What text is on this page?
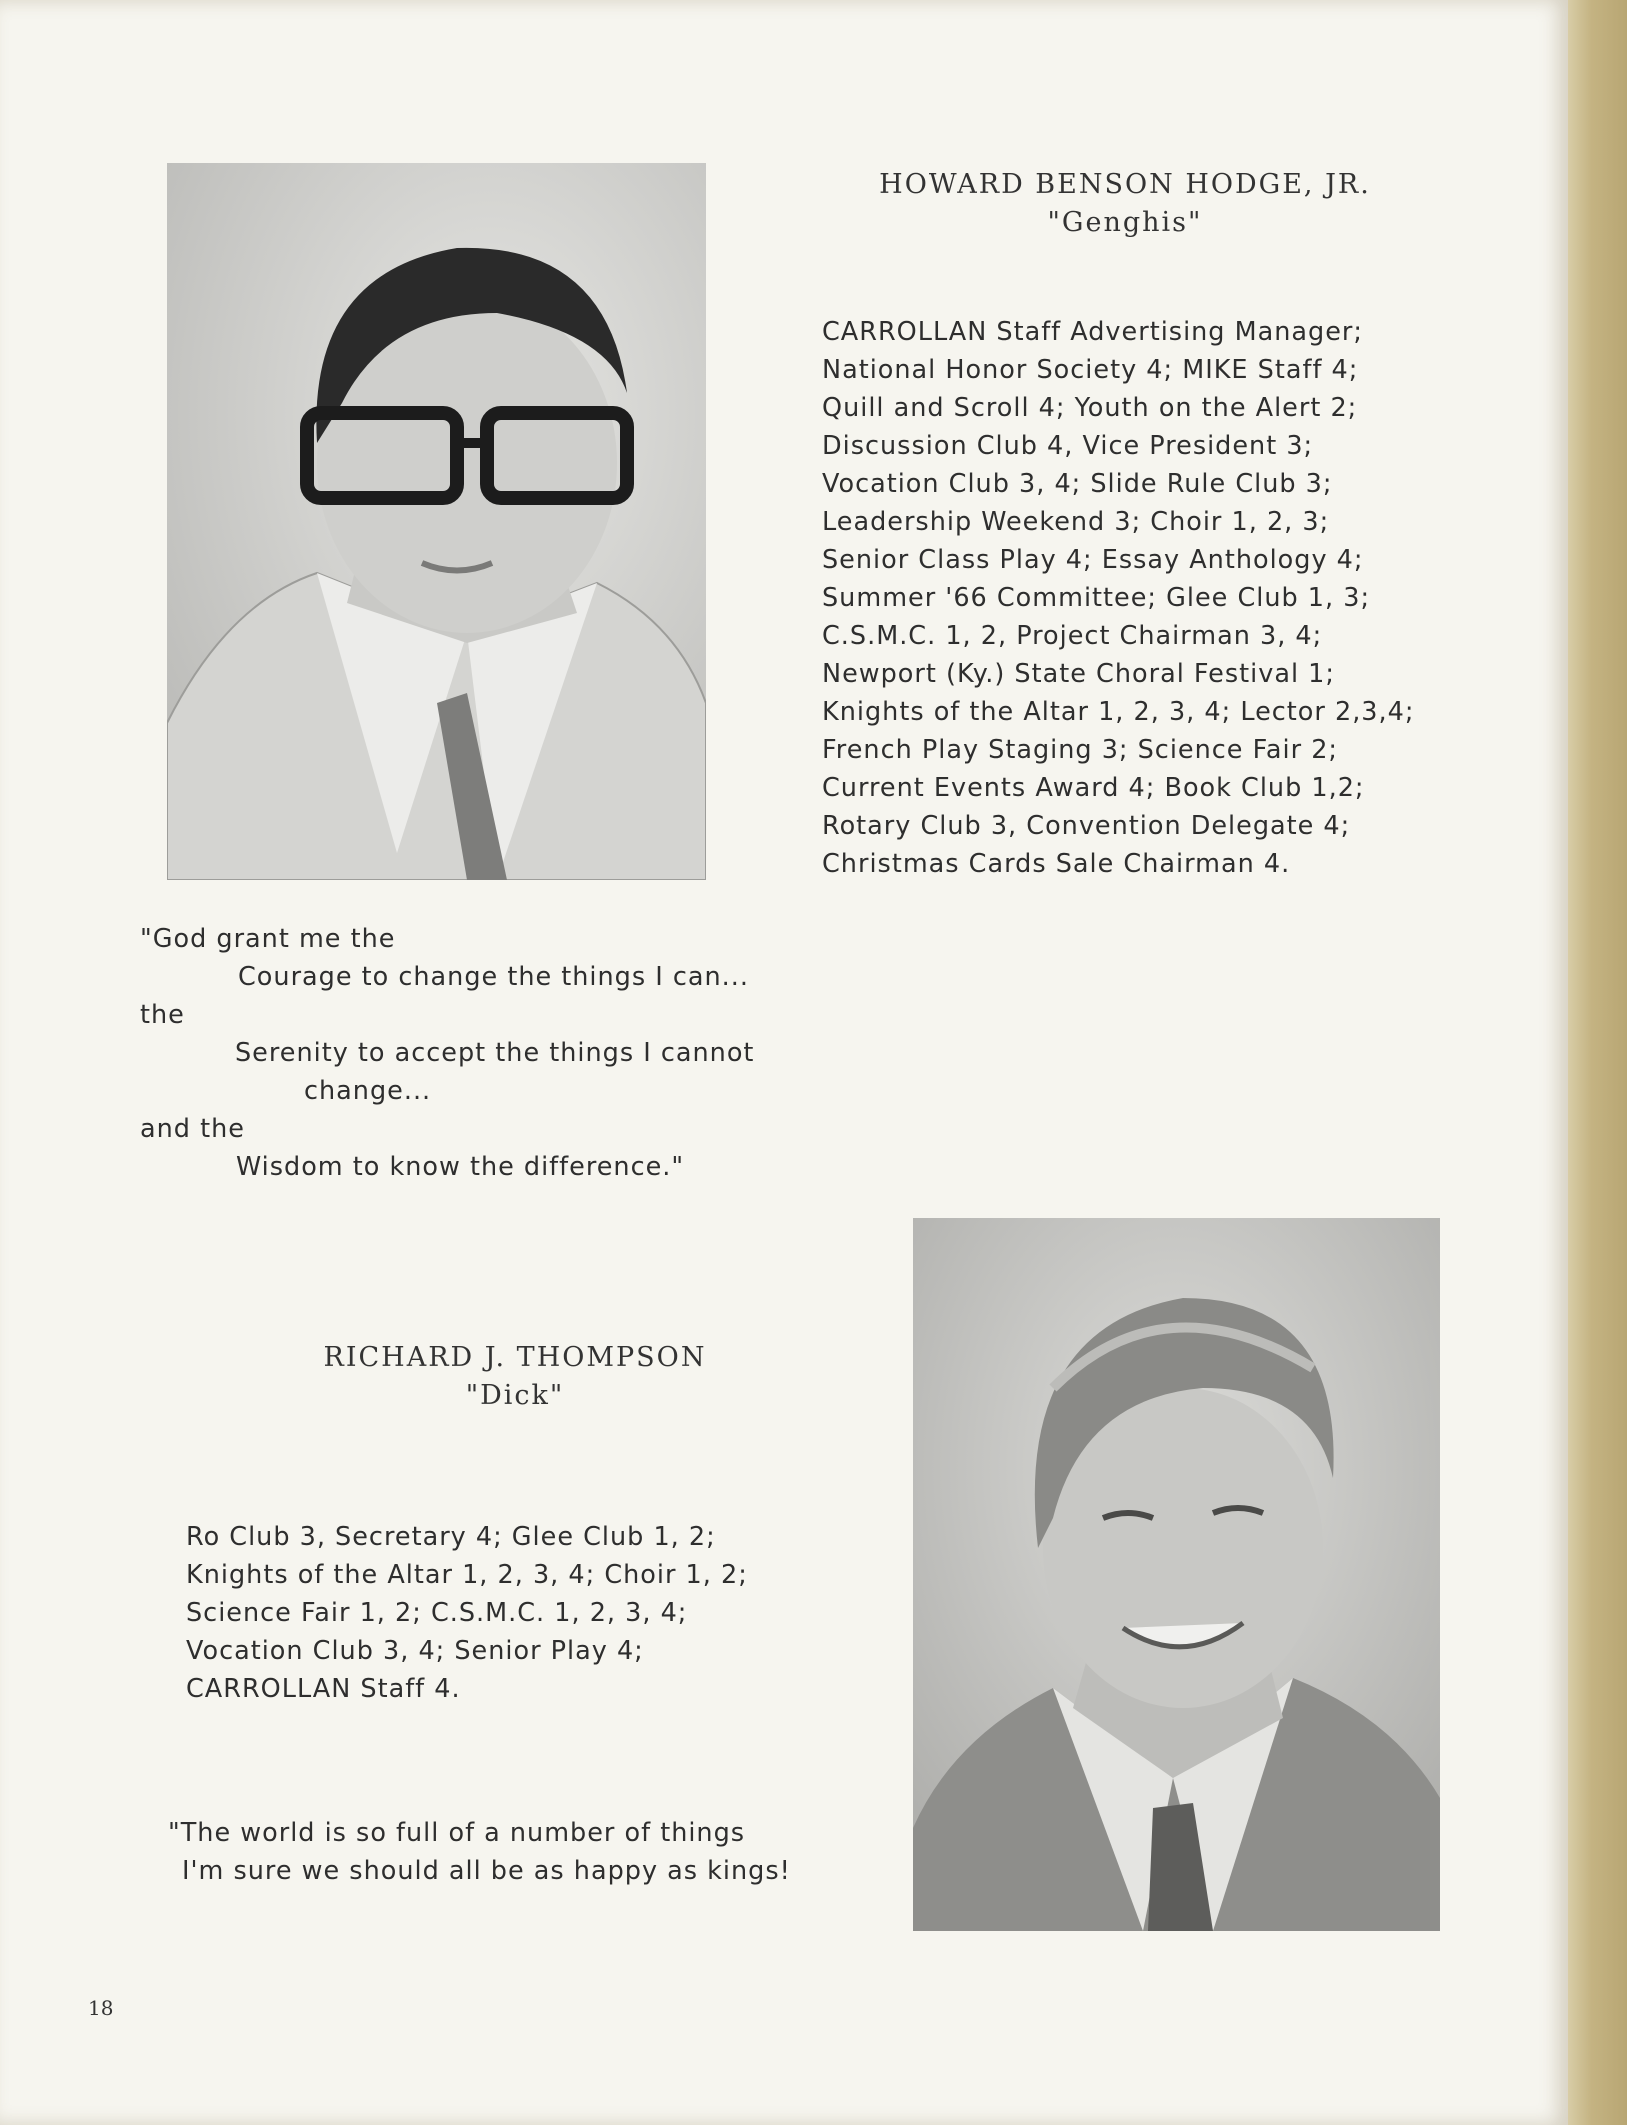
HOWARD BENSON HODGE, JR.
"Genghis"
CARROLLAN Staff Advertising Manager;
National Honor Society 4; MIKE Staff 4;
Quill and Scroll 4; Youth on the Alert 2;
Discussion Club 4, Vice President 3;
Vocation Club 3, 4; Slide Rule Club 3;
Leadership Weekend 3; Choir 1, 2, 3;
Senior Class Play 4; Essay Anthology 4;
Summer '66 Committee; Glee Club 1, 3;
C.S.M.C. 1, 2, Project Chairman 3, 4;
Newport (Ky.) State Choral Festival 1;
Knights of the Altar 1, 2, 3, 4; Lector 2,3,4;
French Play Staging 3; Science Fair 2;
Current Events Award 4; Book Club 1,2;
Rotary Club 3, Convention Delegate 4;
Christmas Cards Sale Chairman 4.
"God grant me the
Courage to change the things I can...
the
Serenity to accept the things I cannot
change...
and the
Wisdom to know the difference."
RICHARD J. THOMPSON
"Dick"
Ro Club 3, Secretary 4; Glee Club 1, 2;
Knights of the Altar 1, 2, 3, 4; Choir 1, 2;
Science Fair 1, 2; C.S.M.C. 1, 2, 3, 4;
Vocation Club 3, 4; Senior Play 4;
CARROLLAN Staff 4.
"The world is so full of a number of things
I'm sure we should all be as happy as kings!
18
